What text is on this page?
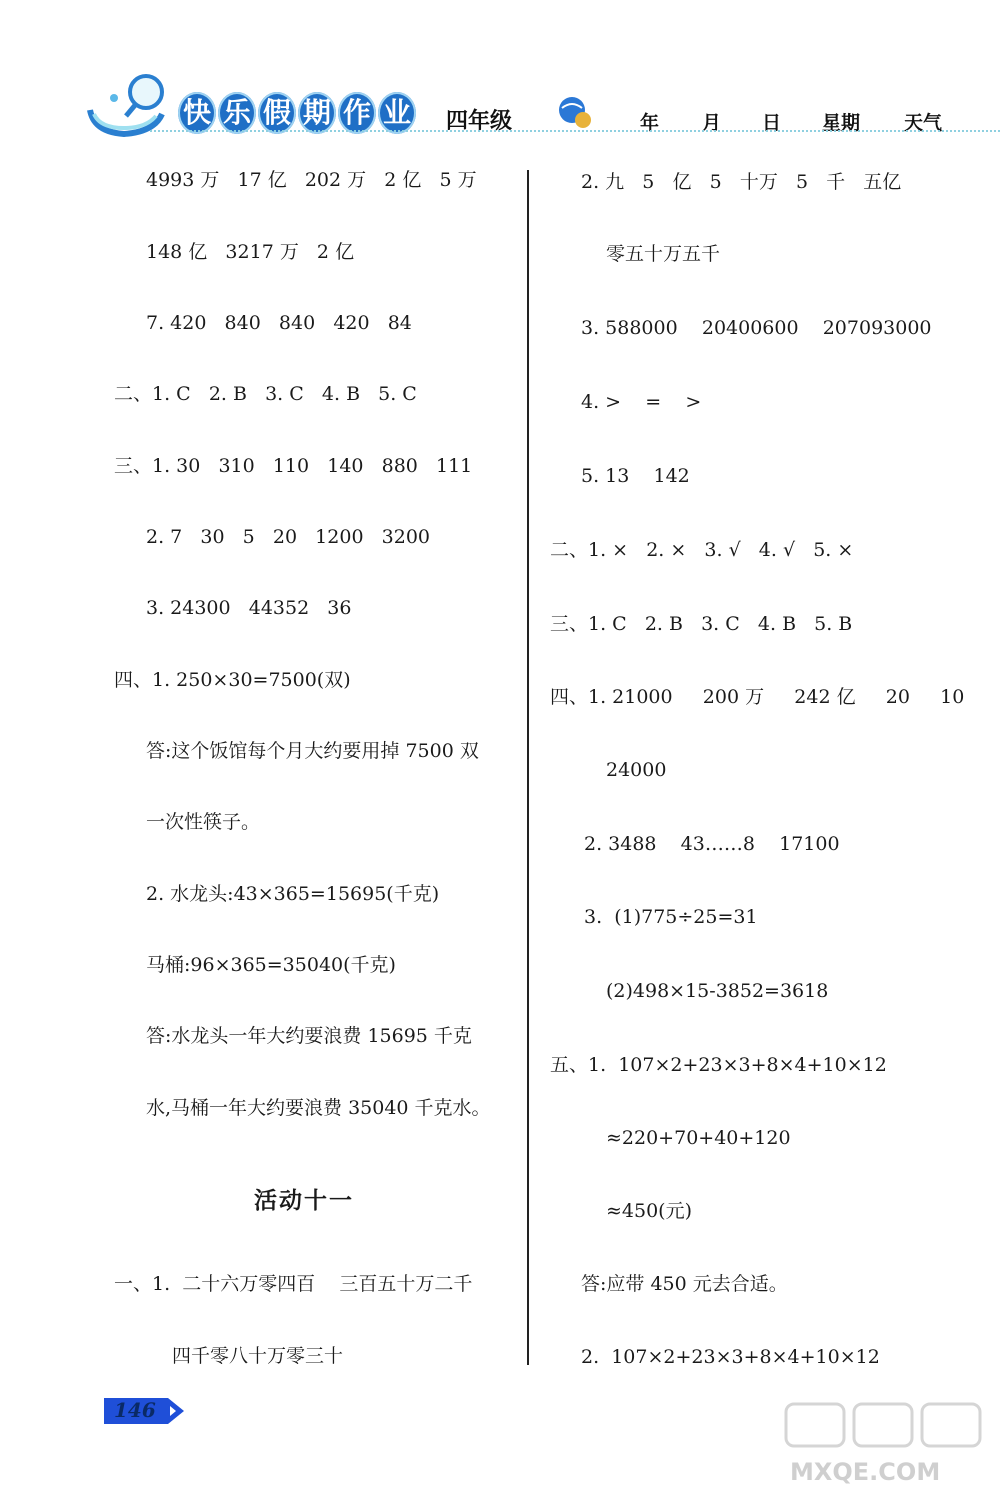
快 乐 假 期 作 业 四年级	年 月 日 星期 天气
4993 万   17 亿   202 万   2 亿   5 万
148 亿   3217 万   2 亿
7. 420   840   840   420   84
二、1. C   2. B   3. C   4. B   5. C
三、1. 30   310   110   140   880   111
2. 7   30   5   20   1200   3200
3. 24300   44352   36
四、1. 250×30=7500(双)
答:这个饭馆每个月大约要用掉 7500 双
一次性筷子。
2. 水龙头:43×365=15695(千克)
马桶:96×365=35040(千克)
答:水龙头一年大约要浪费 15695 千克
水,马桶一年大约要浪费 35040 千克水。
活动十一
一、1.  二十六万零四百    三百五十万二千
四千零八十万零三十
2. 九   5   亿   5   十万   5   千   五亿
零五十万五千
3. 588000    20400600    207093000
4. >    =    >
5. 13    142
二、1. ×   2. ×   3. √   4. √   5. ×
三、1. C   2. B   3. C   4. B   5. B
四、1. 21000     200 万     242 亿     20     10
24000
2. 3488    43……8    17100
3.  (1)775÷25=31
(2)498×15-3852=3618
五、1.  107×2+23×3+8×4+10×12
≈220+70+40+120
≈450(元)
答:应带 450 元去合适。
2.  107×2+23×3+8×4+10×12
146
MXQE.COM
